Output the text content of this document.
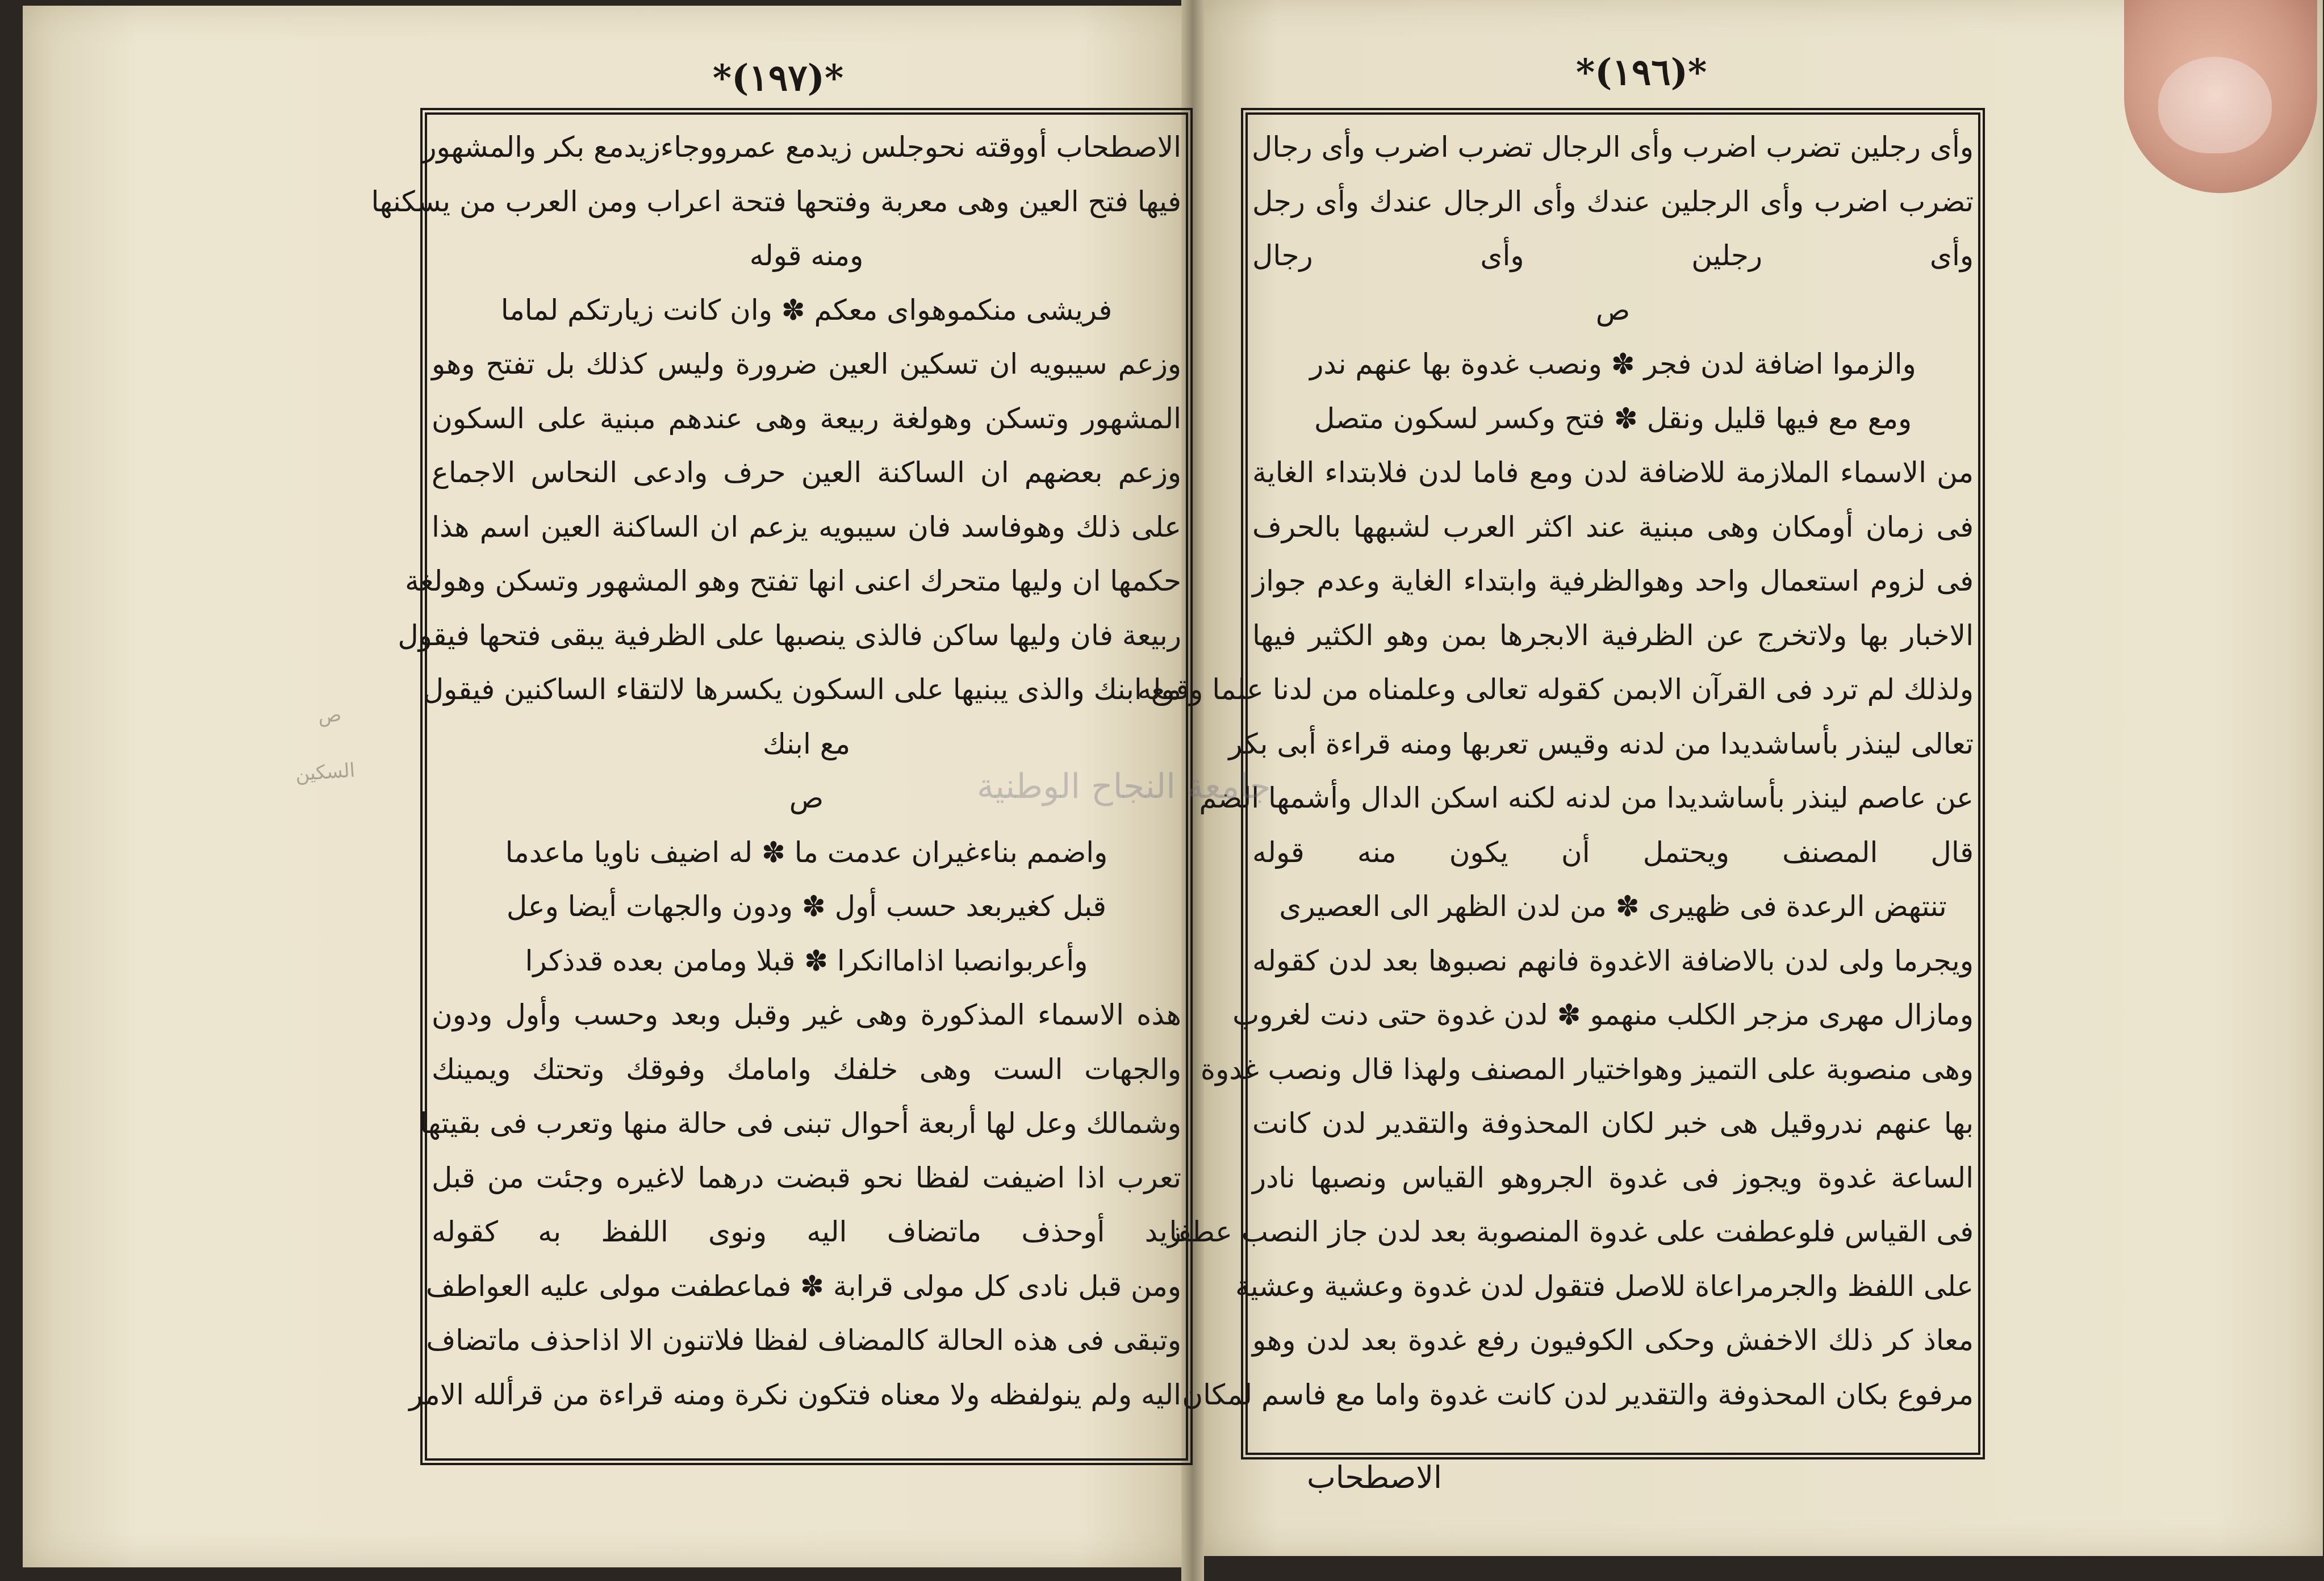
*(١٩٧)*
الاصطحاب أووقته نحوجلس زيدمع عمرووجاءزيدمع بكر والمشهور
فيها فتح العين وهى معربة وفتحها فتحة اعراب ومن العرب من يسكنها
ومنه قوله
فريشى منكموهواى معكم ✽ وان كانت زيارتكم لماما
وزعم سيبويه ان تسكين العين ضرورة وليس كذلك بل تفتح وهو
المشهور وتسكن وهولغة ربيعة وهى عندهم مبنية على السكون
وزعم بعضهم ان الساكنة العين حرف وادعى النحاس الاجماع
على ذلك وهوفاسد فان سيبويه يزعم ان الساكنة العين اسم هذا
حكمها ان وليها متحرك اعنى انها تفتح وهو المشهور وتسكن وهولغة
ربيعة فان وليها ساكن فالذى ينصبها على الظرفية يبقى فتحها فيقول
مع ابنك والذى يبنيها على السكون يكسرها لالتقاء الساكنين فيقول
مع ابنك
ص
واضمم بناءغيران عدمت ما ✽ له اضيف ناويا ماعدما
قبل كغيربعد حسب أول ✽ ودون والجهات أيضا وعل
وأعربوانصبا اذاماانكرا ✽ قبلا ومامن بعده قدذكرا
هذه الاسماء المذكورة وهى غير وقبل وبعد وحسب وأول ودون
والجهات الست وهى خلفك وامامك وفوقك وتحتك ويمينك
وشمالك وعل لها أربعة أحوال تبنى فى حالة منها وتعرب فى بقيتها
تعرب اذا اضيفت لفظا نحو قبضت درهما لاغيره وجئت من قبل
زيد أوحذف ماتضاف اليه ونوى اللفظ به كقوله
ومن قبل نادى كل مولى قرابة ✽ فماعطفت مولى عليه العواطف
وتبقى فى هذه الحالة كالمضاف لفظا فلاتنون الا اذاحذف ماتضاف
اليه ولم ينولفظه ولا معناه فتكون نكرة ومنه قراءة من قرألله الامر
*(١٩٦)*
وأى رجلين تضرب اضرب وأى الرجال تضرب اضرب وأى رجال
تضرب اضرب وأى الرجلين عندك وأى الرجال عندك وأى رجل
وأى رجلين وأى رجال
ص
والزموا اضافة لدن فجر ✽ ونصب غدوة بها عنهم ندر
ومع مع فيها قليل ونقل ✽ فتح وكسر لسكون متصل
من الاسماء الملازمة للاضافة لدن ومع فاما لدن فلابتداء الغاية
فى زمان أومكان وهى مبنية عند اكثر العرب لشبهها بالحرف
فى لزوم استعمال واحد وهوالظرفية وابتداء الغاية وعدم جواز
الاخبار بها ولاتخرج عن الظرفية الابجرها بمن وهو الكثير فيها
ولذلك لم ترد فى القرآن الابمن كقوله تعالى وعلمناه من لدنا علما وقوله
تعالى لينذر بأساشديدا من لدنه وقيس تعربها ومنه قراءة أبى بكر
عن عاصم لينذر بأساشديدا من لدنه لكنه اسكن الدال وأشمها الضم
قال المصنف ويحتمل أن يكون منه قوله
تنتهض الرعدة فى ظهيرى ✽ من لدن الظهر الى العصيرى
ويجرما ولى لدن بالاضافة الاغدوة فانهم نصبوها بعد لدن كقوله
ومازال مهرى مزجر الكلب منهمو ✽ لدن غدوة حتى دنت لغروب
وهى منصوبة على التميز وهواختيار المصنف ولهذا قال ونصب غدوة
بها عنهم ندروقيل هى خبر لكان المحذوفة والتقدير لدن كانت
الساعة غدوة ويجوز فى غدوة الجروهو القياس ونصبها نادر
فى القياس فلوعطفت على غدوة المنصوبة بعد لدن جاز النصب عطفا
على اللفظ والجرمراعاة للاصل فتقول لدن غدوة وعشية وعشية
معاذ كر ذلك الاخفش وحكى الكوفيون رفع غدوة بعد لدن وهو
مرفوع بكان المحذوفة والتقدير لدن كانت غدوة واما مع فاسم لمكان
الاصطحاب
جامعة النجاح الوطنية
ص
السكين
